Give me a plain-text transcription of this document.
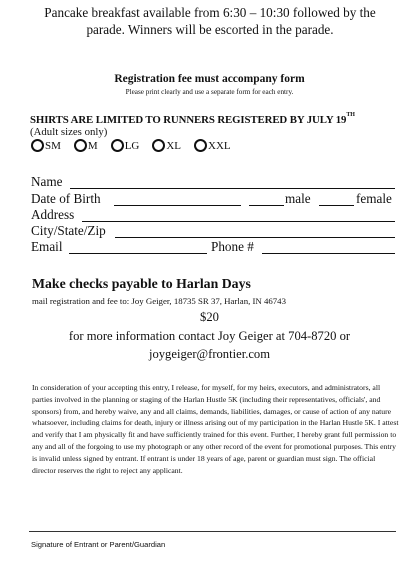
Pancake breakfast available from 6:30 – 10:30 followed by the
parade. Winners will be escorted in the parade.
Registration fee must accompany form
Please print clearly and use a separate form for each entry.
SHIRTS ARE LIMITED TO RUNNERS REGISTERED BY JULY 19TH
(Adult sizes only)
SM M LG XL XXL
Name
Date of Birth	male	female
Address
City/State/Zip
Email	Phone #
Make checks payable to Harlan Days
mail registration and fee to: Joy Geiger, 18735 SR 37, Harlan, IN 46743
$20
for more information contact Joy Geiger at 704-8720 or
joygeiger@frontier.com
In consideration of your accepting this entry, I release, for myself, for my heirs, executors, and administrators, all parties involved in the planning or staging of the Harlan Hustle 5K (including their representatives, officials', and sponsors) from, and hereby waive, any and all claims, demands, liabilities, damages, or cause of action of any nature whatsoever, including claims for death, injury or illness arising out of my participation in the Harlan Hustle 5K. I attest and verify that I am physically fit and have sufficiently trained for this event. Further, I hereby grant full permission to any and all of the forgoing to use my photograph or any other record of the event for promotional purposes. This entry is invalid unless signed by entrant. If entrant is under 18 years of age, parent or guardian must sign. The official director reserves the right to reject any applicant.
Signature of Entrant or Parent/Guardian
